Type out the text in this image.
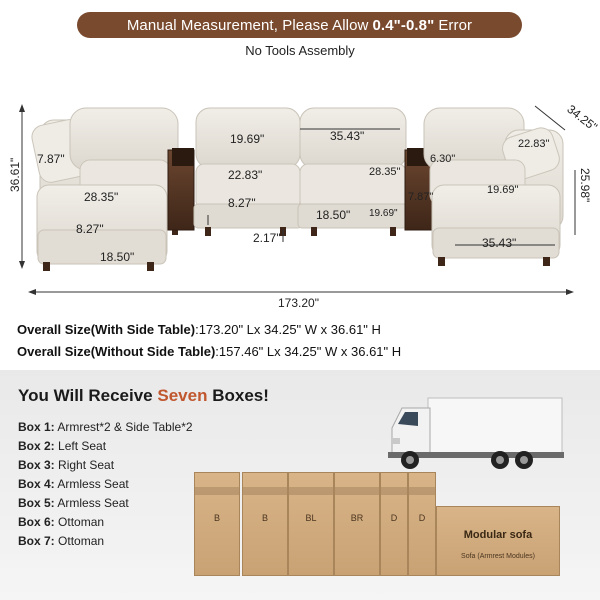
Manual Measurement, Please Allow 0.4"-0.8" Error
No Tools Assembly
36.61"
34.25"
173.20"
7.87"
28.35"
8.27"
18.50"
19.69"
22.83"
8.27"
2.17"
35.43"
18.50" 19.69"
28.35"
6.30"
7.87"
22.83"
19.69"
35.43"
25.98"
Overall Size(With Side Table):173.20" Lx 34.25" W x 36.61" H
Overall Size(Without Side Table):157.46" Lx 34.25" W x 36.61" H
You Will Receive Seven Boxes!
Box 1: Armrest*2 & Side Table*2
Box 2: Left Seat
Box 3: Right Seat
Box 4: Armless Seat
Box 5: Armless Seat
Box 6: Ottoman
Box 7: Ottoman
B	B	BL	BR	D	D
Modular sofa
Sofa (Armrest Modules)
